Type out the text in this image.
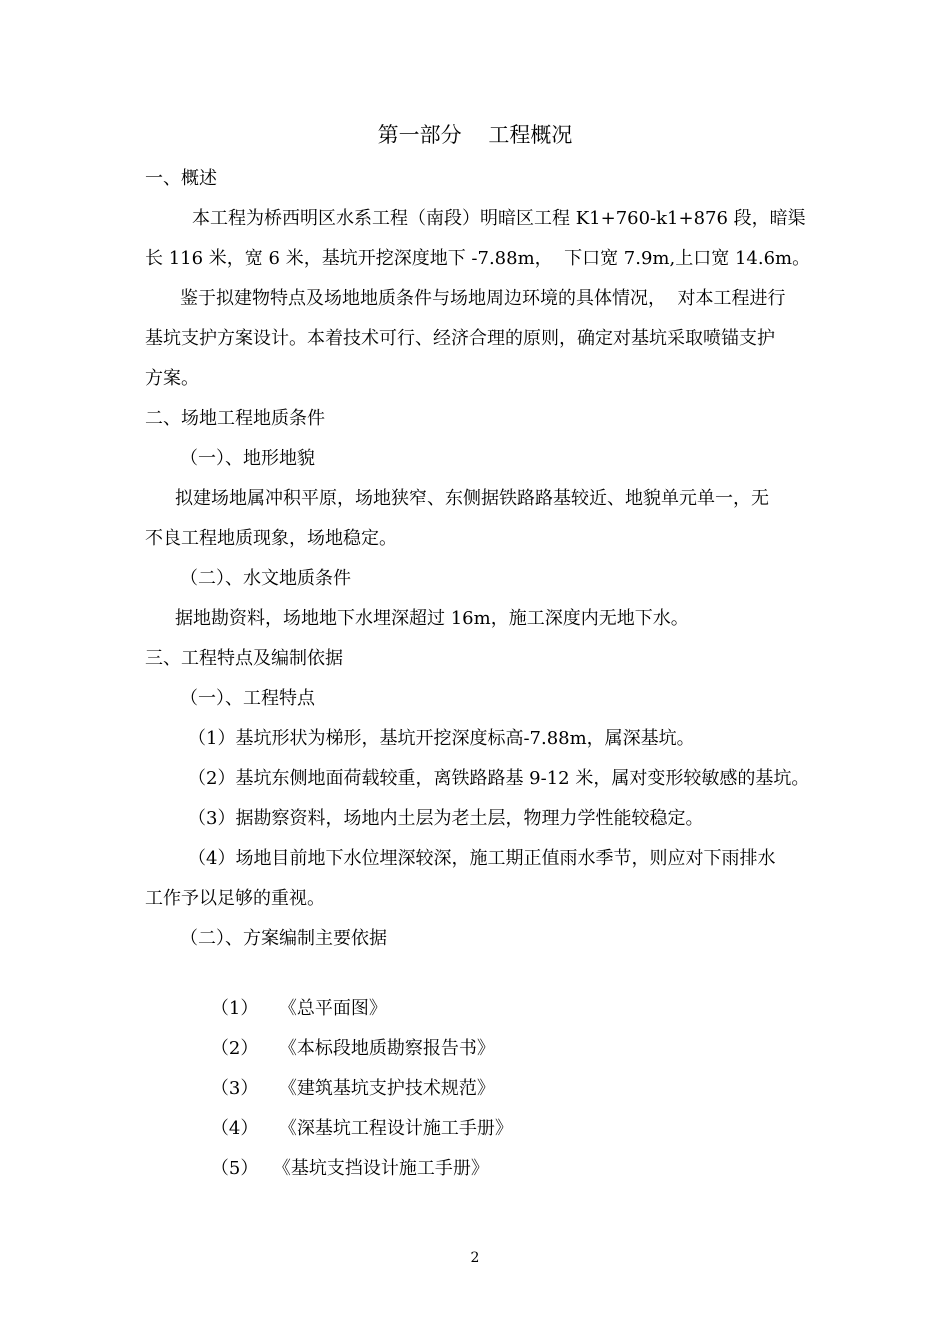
第一部分    工程概况
一、概述
本工程为桥西明区水系工程（南段）明暗区工程 K1+760-k1+876 段，暗渠
长 116 米，宽 6 米，基坑开挖深度地下 -7.88m，  下口宽 7.9m,上口宽 14.6m。
鉴于拟建物特点及场地地质条件与场地周边环境的具体情况，  对本工程进行
基坑支护方案设计。本着技术可行、经济合理的原则，确定对基坑采取喷锚支护
方案。
二、场地工程地质条件
（一）、地形地貌
拟建场地属冲积平原，场地狭窄、东侧据铁路路基较近、地貌单元单一，无
不良工程地质现象，场地稳定。
（二）、水文地质条件
据地勘资料，场地地下水埋深超过 16m，施工深度内无地下水。
三、工程特点及编制依据
（一）、工程特点
（1）基坑形状为梯形，基坑开挖深度标高-7.88m，属深基坑。
（2）基坑东侧地面荷载较重，离铁路路基 9-12 米，属对变形较敏感的基坑。
（3）据勘察资料，场地内土层为老土层，物理力学性能较稳定。
（4）场地目前地下水位埋深较深，施工期正值雨水季节，则应对下雨排水
工作予以足够的重视。
（二）、方案编制主要依据

（1） 《总平面图》

（2） 《本标段地质勘察报告书》

（3） 《建筑基坑支护技术规范》

（4） 《深基坑工程设计施工手册》

（5） 《基坑支挡设计施工手册》

2
